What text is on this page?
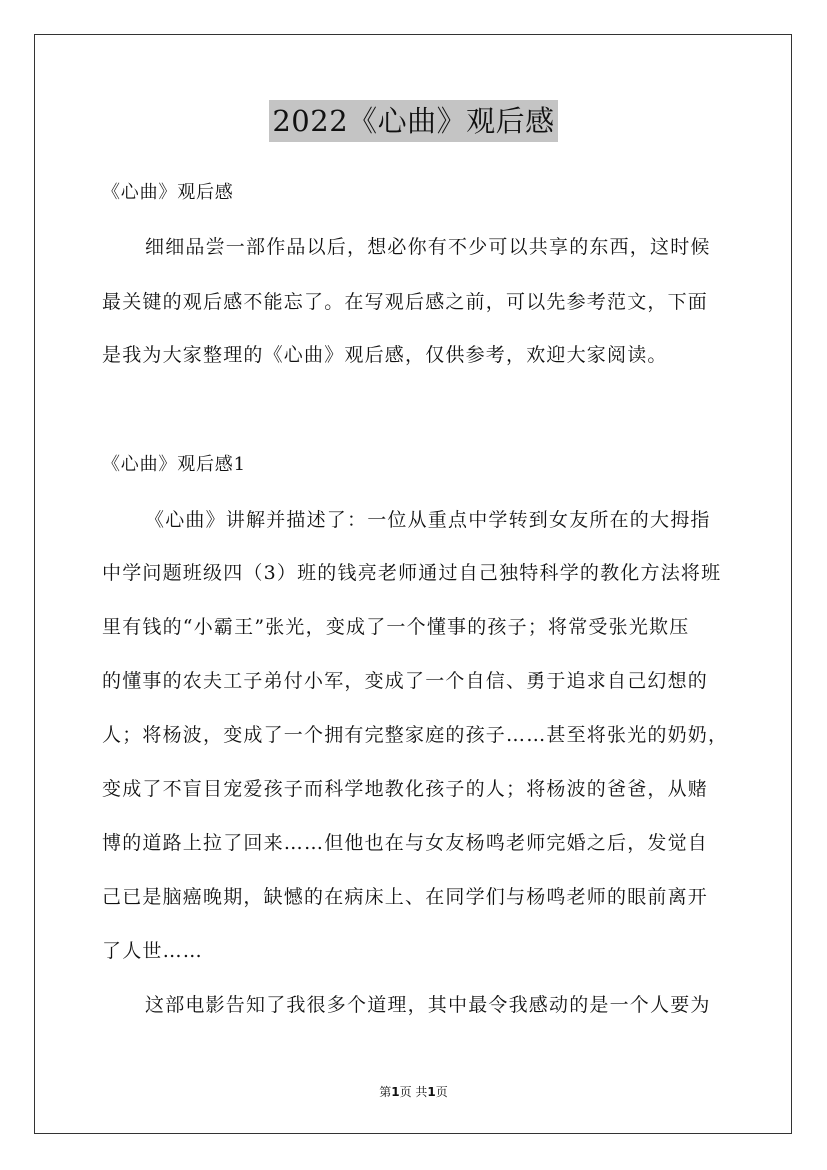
2022《心曲》观后感
《心曲》观后感
细细品尝一部作品以后，想必你有不少可以共享的东西，这时候
最关键的观后感不能忘了。在写观后感之前，可以先参考范文，下面
是我为大家整理的《心曲》观后感，仅供参考，欢迎大家阅读。
《心曲》观后感1
《心曲》讲解并描述了：一位从重点中学转到女友所在的大拇指
中学问题班级四（3）班的钱亮老师通过自己独特科学的教化方法将班
里有钱的“小霸王”张光，变成了一个懂事的孩子；将常受张光欺压
的懂事的农夫工子弟付小军，变成了一个自信、勇于追求自己幻想的
人；将杨波，变成了一个拥有完整家庭的孩子……甚至将张光的奶奶，
变成了不盲目宠爱孩子而科学地教化孩子的人；将杨波的爸爸，从赌
博的道路上拉了回来……但他也在与女友杨鸣老师完婚之后，发觉自
己已是脑癌晚期，缺憾的在病床上、在同学们与杨鸣老师的眼前离开
了人世……
这部电影告知了我很多个道理，其中最令我感动的是一个人要为
第1页 共1页
